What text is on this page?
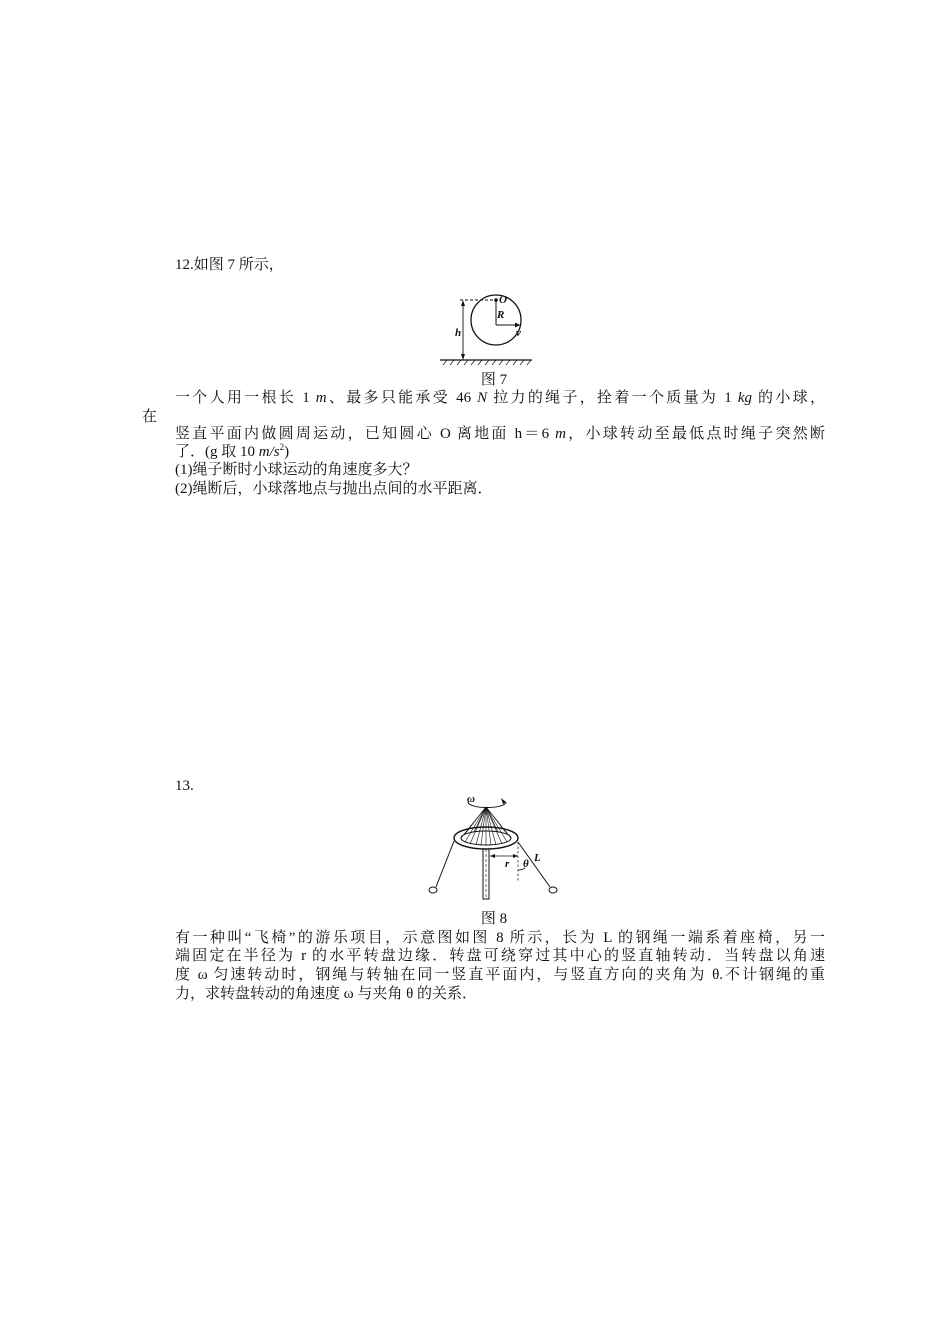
12.如图 7 所示，
O
R
v
h
图 7
在
一个人用一根长 1 m、最多只能承受 46 N 拉力的绳子，拴着一个质量为 1 kg 的小球，
竖直平面内做圆周运动，已知圆心 O 离地面 h＝6 m，小球转动至最低点时绳子突然断
了．(g 取 10 $m/s^2$)
(1)绳子断时小球运动的角速度多大？
(2)绳断后，小球落地点与抛出点间的水平距离．
13.
ω
r L
θ
图 8
有一种叫“飞椅”的游乐项目，示意图如图 8 所示，长为 L 的钢绳一端系着座椅，另一
端固定在半径为 r 的水平转盘边缘．转盘可绕穿过其中心的竖直轴转动．当转盘以角速
度 ω 匀速转动时，钢绳与转轴在同一竖直平面内，与竖直方向的夹角为 θ.不计钢绳的重
力，求转盘转动的角速度 ω 与夹角 θ 的关系．
